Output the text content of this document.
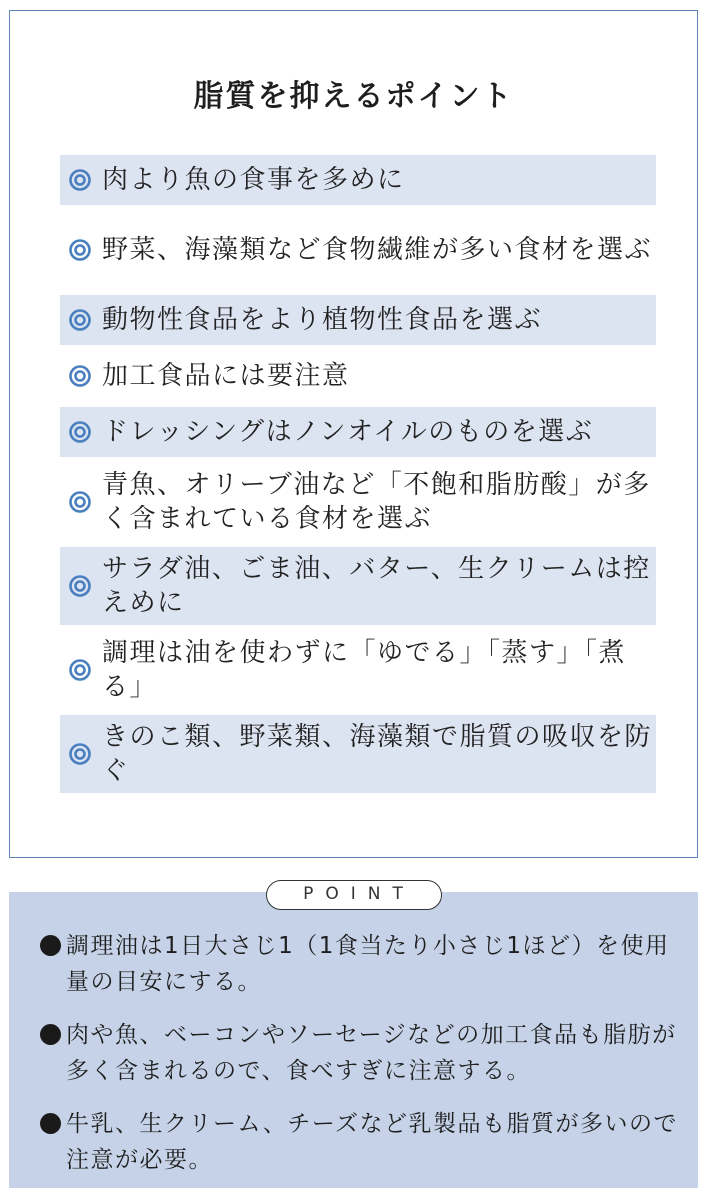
脂質を抑えるポイント
肉より魚の食事を多めに
野菜、海藻類など食物繊維が多い食材を選ぶ
動物性食品をより植物性食品を選ぶ
加工食品には要注意
ドレッシングはノンオイルのものを選ぶ
青魚、オリーブ油など「不飽和脂肪酸」が多く含まれている食材を選ぶ
サラダ油、ごま油、バター、生クリームは控えめに
調理は油を使わずに「ゆでる」「蒸す」「煮る」
きのこ類、野菜類、海藻類で脂質の吸収を防ぐ
POINT
調理油は1日大さじ1（1食当たり小さじ1ほど）を使用量の目安にする。
肉や魚、ベーコンやソーセージなどの加工食品も脂肪が多く含まれるので、食べすぎに注意する。
牛乳、生クリーム、チーズなど乳製品も脂質が多いので注意が必要。
